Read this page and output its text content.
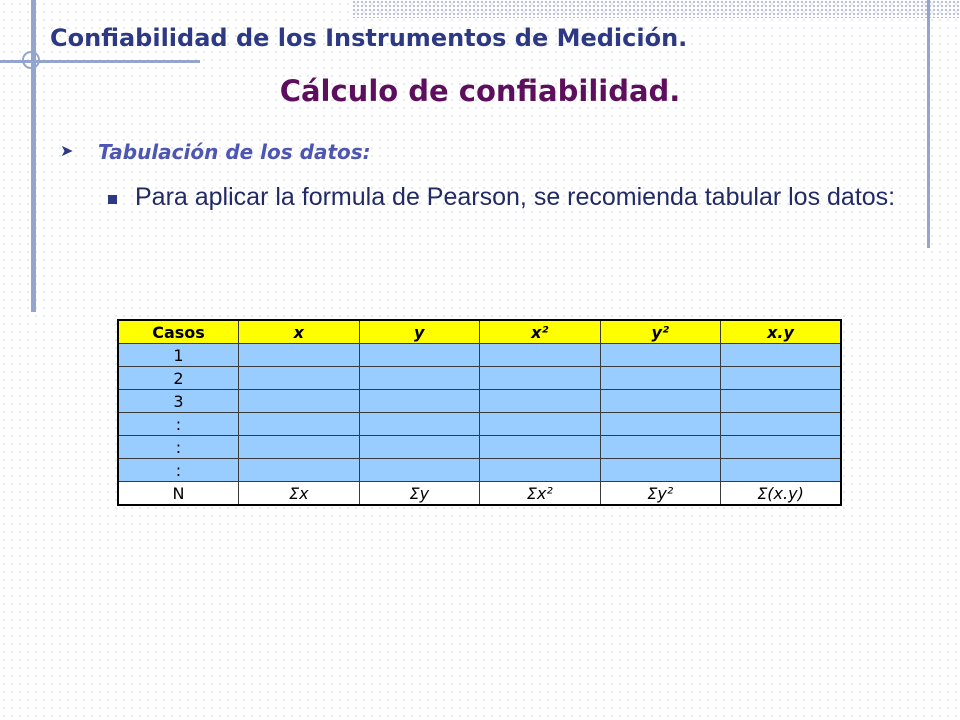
Confiabilidad de los Instrumentos de Medición.
Cálculo de confiabilidad.
➤ Tabulación de los datos:

Para aplicar la formula de Pearson, se recomienda tabular los datos:

Casos	x	y	x²	y²	x.y
1					
2					
3					
:					
:					
:					
N	Σx	Σy	Σx²	Σy²	Σ(x.y)
